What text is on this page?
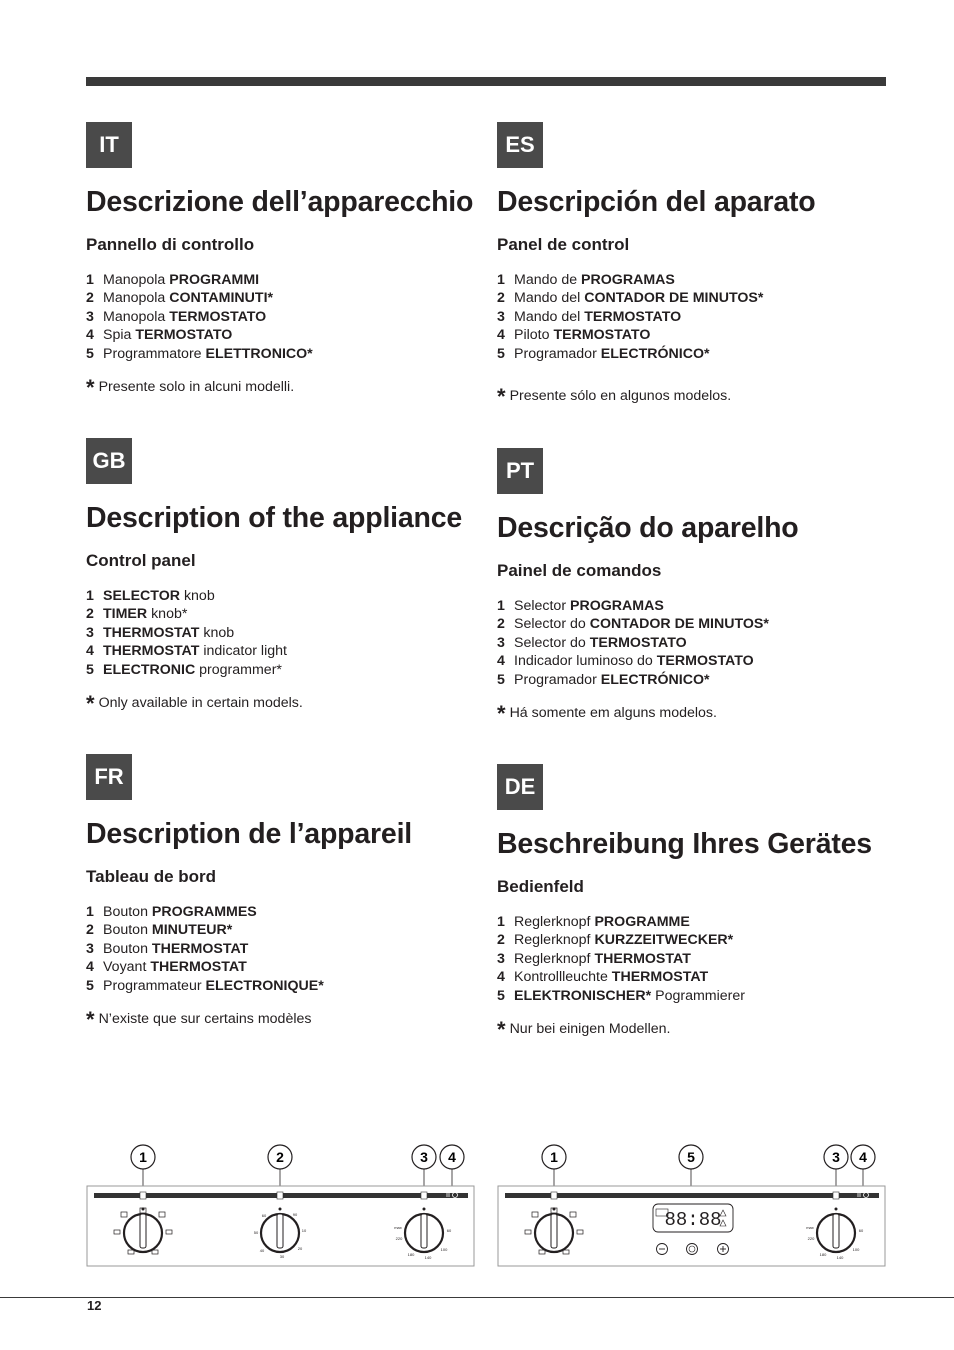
IT
Descrizione dell’apparecchio
Pannello di controllo
1 Manopola PROGRAMMI
2 Manopola CONTAMINUTI*
3 Manopola TERMOSTATO
4 Spia TERMOSTATO
5 Programmatore ELETTRONICO*
* Presente solo in alcuni modelli.
GB
Description of the appliance
Control panel
1 SELECTOR knob
2 TIMER knob*
3 THERMOSTAT knob
4 THERMOSTAT indicator light
5 ELECTRONIC programmer*
* Only available in certain models.
FR
Description de l’appareil
Tableau de bord
1 Bouton PROGRAMMES
2 Bouton MINUTEUR*
3 Bouton THERMOSTAT
4 Voyant THERMOSTAT
5 Programmateur ELECTRONIQUE*
* N’existe que sur certains modèles
ES
Descripción del aparato
Panel de control
1 Mando de PROGRAMAS
2 Mando del CONTADOR DE MINUTOS*
3 Mando del TERMOSTATO
4 Piloto TERMOSTATO
5 Programador ELECTRÓNICO*
* Presente sólo en algunos modelos.
PT
Descrição do aparelho
Painel de comandos
1 Selector PROGRAMAS
2 Selector do CONTADOR DE MINUTOS*
3 Selector do TERMOSTATO
4 Indicador luminoso do TERMOSTATO
5 Programador ELECTRÓNICO*
* Há somente em alguns modelos.
DE
Beschreibung Ihres Gerätes
Bedienfeld
1 Reglerknopf PROGRAMME
2 Reglerknopf KURZZEITWECKER*
3 Reglerknopf THERMOSTAT
4 Kontrollleuchte THERMOSTAT
5 ELEKTRONISCHER* Pogrammierer
* Nur bei einigen Modellen.
1	2	3 4
10
20
30
40
50
60	90
max
220
180
140
100
60
1	5	3 4
88:88	max
220
180
140
100
60
12
